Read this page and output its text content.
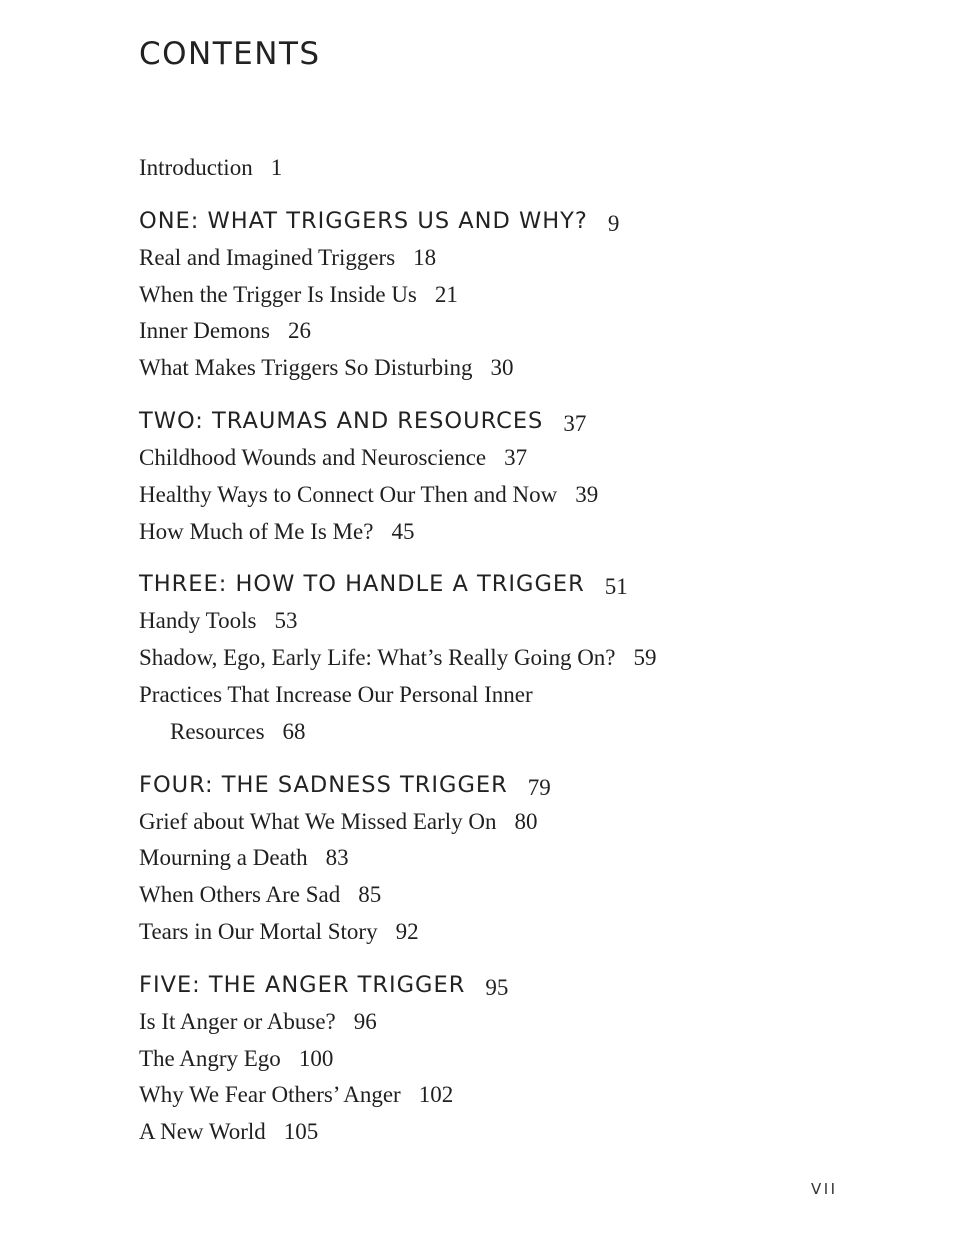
CONTENTS
Introduction 1
ONE: WHAT TRIGGERS US AND WHY? 9
Real and Imagined Triggers 18
When the Trigger Is Inside Us 21
Inner Demons 26
What Makes Triggers So Disturbing 30
TWO: TRAUMAS AND RESOURCES 37
Childhood Wounds and Neuroscience 37
Healthy Ways to Connect Our Then and Now 39
How Much of Me Is Me? 45
THREE: HOW TO HANDLE A TRIGGER 51
Handy Tools 53
Shadow, Ego, Early Life: What’s Really Going On? 59
Practices That Increase Our Personal Inner
Resources 68
FOUR: THE SADNESS TRIGGER 79
Grief about What We Missed Early On 80
Mourning a Death 83
When Others Are Sad 85
Tears in Our Mortal Story 92
FIVE: THE ANGER TRIGGER 95
Is It Anger or Abuse? 96
The Angry Ego 100
Why We Fear Others’ Anger 102
A New World 105
VII
